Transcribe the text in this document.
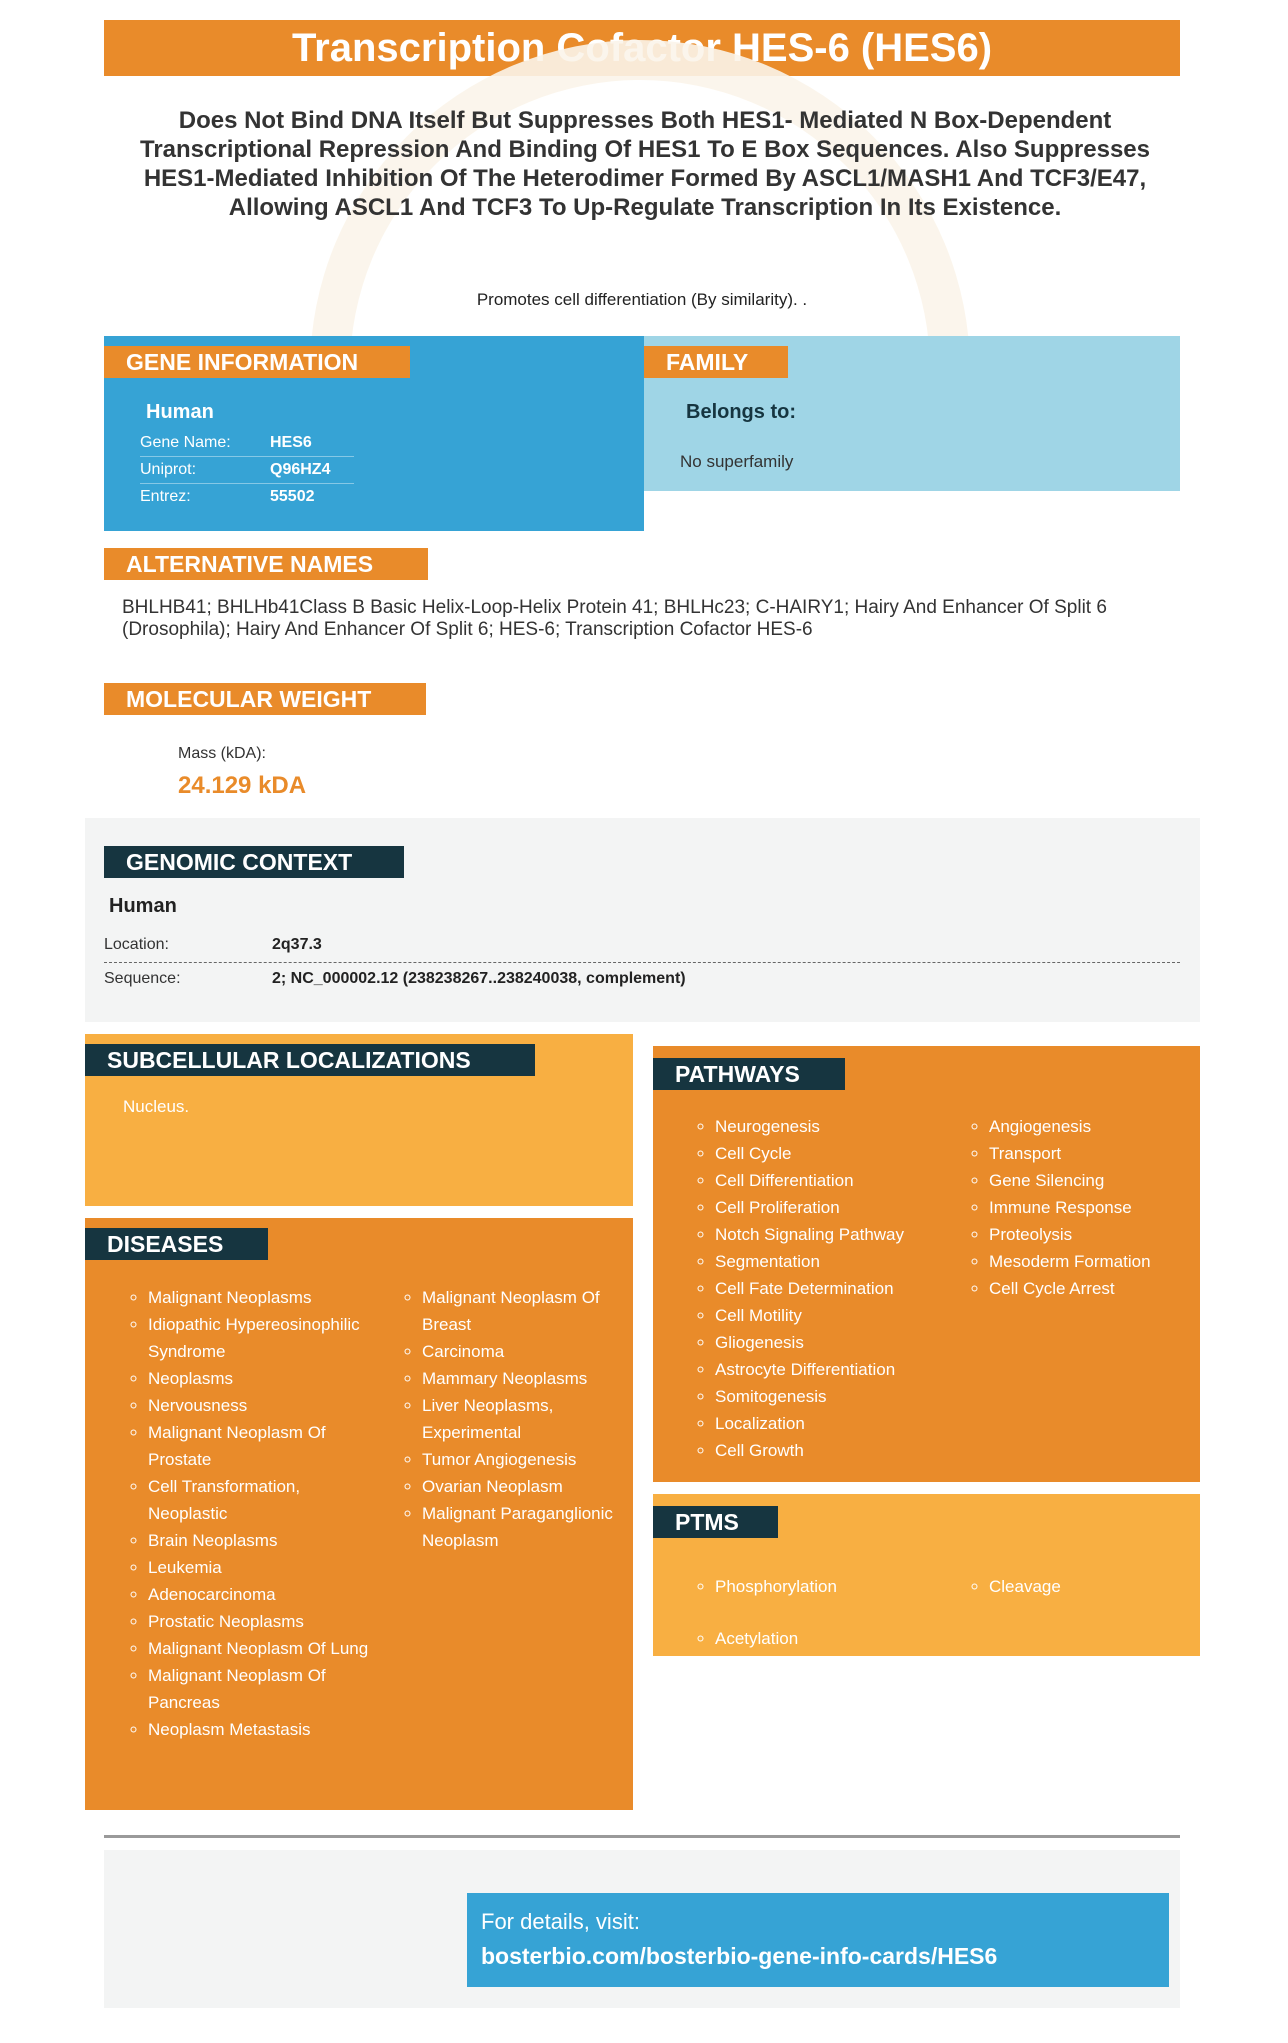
Transcription Cofactor HES-6 (HES6)
Does Not Bind DNA Itself But Suppresses Both HES1- Mediated N Box-Dependent Transcriptional Repression And Binding Of HES1 To E Box Sequences. Also Suppresses HES1-Mediated Inhibition Of The Heterodimer Formed By ASCL1/MASH1 And TCF3/E47, Allowing ASCL1 And TCF3 To Up-Regulate Transcription In Its Existence.
Promotes cell differentiation (By similarity). .
GENE INFORMATION
Human
Gene Name:	HES6
Uniprot:	Q96HZ4
Entrez:	55502
FAMILY
Belongs to:
No superfamily
ALTERNATIVE NAMES
BHLHB41; BHLHb41Class B Basic Helix-Loop-Helix Protein 41; BHLHc23; C-HAIRY1; Hairy And Enhancer Of Split 6 (Drosophila); Hairy And Enhancer Of Split 6; HES-6; Transcription Cofactor HES-6
MOLECULAR WEIGHT
Mass (kDA):
24.129 kDA
GENOMIC CONTEXT
Human
Location:	2q37.3
Sequence:	2; NC_000002.12 (238238267..238240038, complement)
SUBCELLULAR LOCALIZATIONS
Nucleus.
DISEASES
◦ Malignant Neoplasms
◦ Idiopathic Hypereosinophilic Syndrome
◦ Neoplasms
◦ Nervousness
◦ Malignant Neoplasm Of Prostate
◦ Cell Transformation, Neoplastic
◦ Brain Neoplasms
◦ Leukemia
◦ Adenocarcinoma
◦ Prostatic Neoplasms
◦ Malignant Neoplasm Of Lung
◦ Malignant Neoplasm Of Pancreas
◦ Neoplasm Metastasis
◦ Malignant Neoplasm Of Breast
◦ Carcinoma
◦ Mammary Neoplasms
◦ Liver Neoplasms, Experimental
◦ Tumor Angiogenesis
◦ Ovarian Neoplasm
◦ Malignant Paraganglionic Neoplasm
PATHWAYS
◦ Neurogenesis
◦ Cell Cycle
◦ Cell Differentiation
◦ Cell Proliferation
◦ Notch Signaling Pathway
◦ Segmentation
◦ Cell Fate Determination
◦ Cell Motility
◦ Gliogenesis
◦ Astrocyte Differentiation
◦ Somitogenesis
◦ Localization
◦ Cell Growth
◦ Angiogenesis
◦ Transport
◦ Gene Silencing
◦ Immune Response
◦ Proteolysis
◦ Mesoderm Formation
◦ Cell Cycle Arrest
PTMS
◦ Phosphorylation
◦ Acetylation
◦ Cleavage
For details, visit:
bosterbio.com/bosterbio-gene-info-cards/HES6
